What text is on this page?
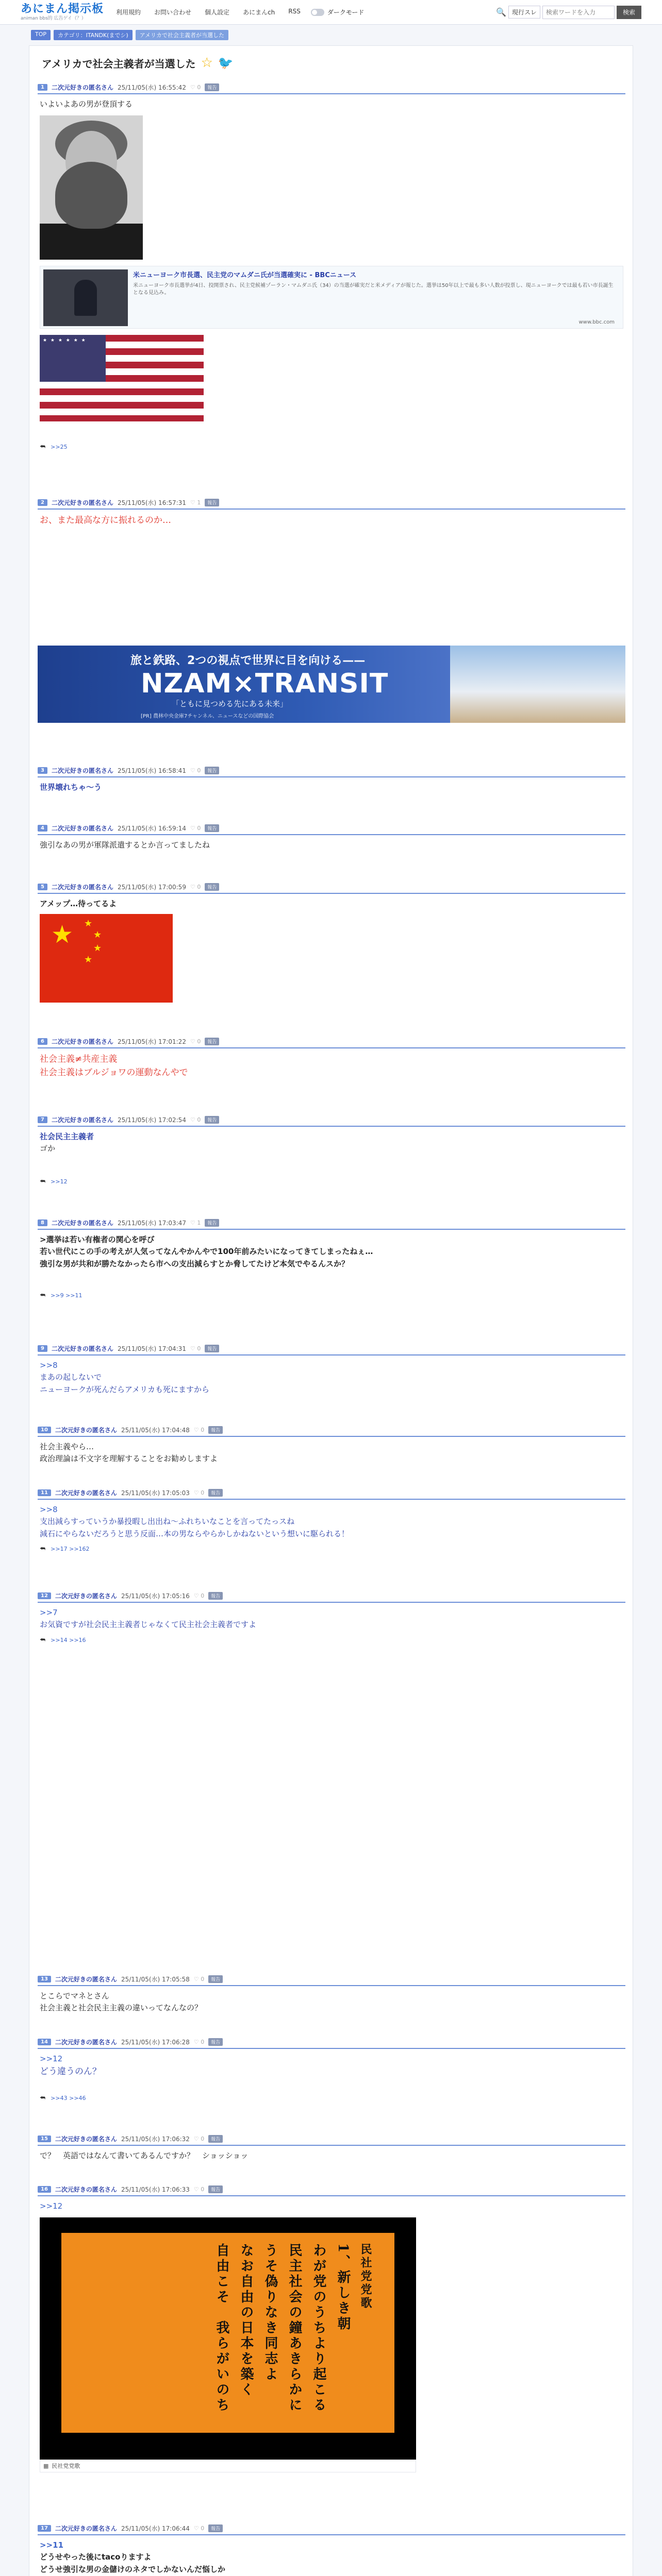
あにまん掲示板
animan bbs的 広告ゲイ（？）
利用規約 お問い合わせ 個人設定 あにまんch RSS	ダークモード	🔍 現行スレ
検索ワードを入力	検索
TOP	カテゴリ：ITANDK(までシ)	アメリカで社会主義者が当選した
アメリカで社会主義者が当選した ☆ 🐦
1	二次元好きの匿名さん 25/11/05(水) 16:55:42 ♡ 0	報告
いよいよあの男が登頂する
米ニューヨーク市長選、民主党のマムダニ氏が当選確実に - BBCニュース
米ニューヨーク市長選挙が4日、投開票され、民主党候補ゾーラン・マムダニ氏（34）の当選が確実だと米メディアが報じた。選挙は50年以上で最も多い人数が投票し、現ニューヨークでは最も若い市長誕生となる見込み。
www.bbc.com
★ ★ ★ ★ ★ ★
⮪ >>25
2	二次元好きの匿名さん 25/11/05(水) 16:57:31 ♡ 1	報告
お、また最高な方に振れるのか…
旅と鉄路、2つの視点で世界に目を向ける——
NZAM×TRANSIT
「ともに見つめる先にある未来」
[PR] 農林中央金庫7チャンネル、ニュースなどの国際協会
3	二次元好きの匿名さん 25/11/05(水) 16:58:41 ♡ 0	報告
世界壊れちゃ〜う
4	二次元好きの匿名さん 25/11/05(水) 16:59:14 ♡ 0	報告
強引なあの男が軍隊派遣するとか言ってましたね
5	二次元好きの匿名さん 25/11/05(水) 17:00:59 ♡ 0	報告
アメップ…待ってるよ
★ ★
★
★
★
6	二次元好きの匿名さん 25/11/05(水) 17:01:22 ♡ 0	報告
社会主義≠共産主義
社会主義はブルジョワの運動なんやで
7	二次元好きの匿名さん 25/11/05(水) 17:02:54 ♡ 0	報告
社会民主主義者
ゴか
⮪ >>12
8	二次元好きの匿名さん 25/11/05(水) 17:03:47 ♡ 1	報告
>選挙は若い有権者の関心を呼び
若い世代にこの手の考えが人気ってなんやかんやで100年前みたいになってきてしまったねぇ…
強引な男が共和が勝たなかったら市への支出減らすとか脅してたけど本気でやるんスか？
⮪ >>9 >>11
9	二次元好きの匿名さん 25/11/05(水) 17:04:31 ♡ 0	報告
>>8
まあの起しないで
ニューヨークが死んだらアメリカも死にますから
10	二次元好きの匿名さん 25/11/05(水) 17:04:48 ♡ 0	報告
社会主義やら…
政治理論は不文字を理解することをお勧めしますよ
11	二次元好きの匿名さん 25/11/05(水) 17:05:03 ♡ 0	報告
>>8
支出減らすっていうか暴投暇し出出ね～ふれちいなことを言ってたっスね
減石にやらないだろうと思う反面…本の男ならやらかしかねないという想いに駆られる！
⮪ >>17 >>162
12	二次元好きの匿名さん 25/11/05(水) 17:05:16 ♡ 0	報告
>>7
お気資ですが社会民主主義者じゃなくて民主社会主義者ですよ
⮪ >>14 >>16
13	二次元好きの匿名さん 25/11/05(水) 17:05:58 ♡ 0	報告
とこらでマネとさん
社会主義と社会民主主義の違いってなんなの？
14	二次元好きの匿名さん 25/11/05(水) 17:06:28 ♡ 0	報告
>>12
どう違うのん？
⮪ >>43 >>46
15	二次元好きの匿名さん 25/11/05(水) 17:06:32 ♡ 0	報告
で？　英語ではなんて書いてあるんですか？　ショッショッ
16	二次元好きの匿名さん 25/11/05(水) 17:06:33 ♡ 0	報告
>>12
民社党党歌
1、新しき朝
わが党のうちより起こる
民主社会の鐘あきらかに
うそ偽りなき同志よ
なお自由の日本を築く
自由こそ　我らがいのち
▦ 民社党党歌
17	二次元好きの匿名さん 25/11/05(水) 17:06:44 ♡ 0	報告
>>11
どうせやった後にtacoりますよ
どうせ強引な男の金儲けのネタでしかないんだ悩しか
